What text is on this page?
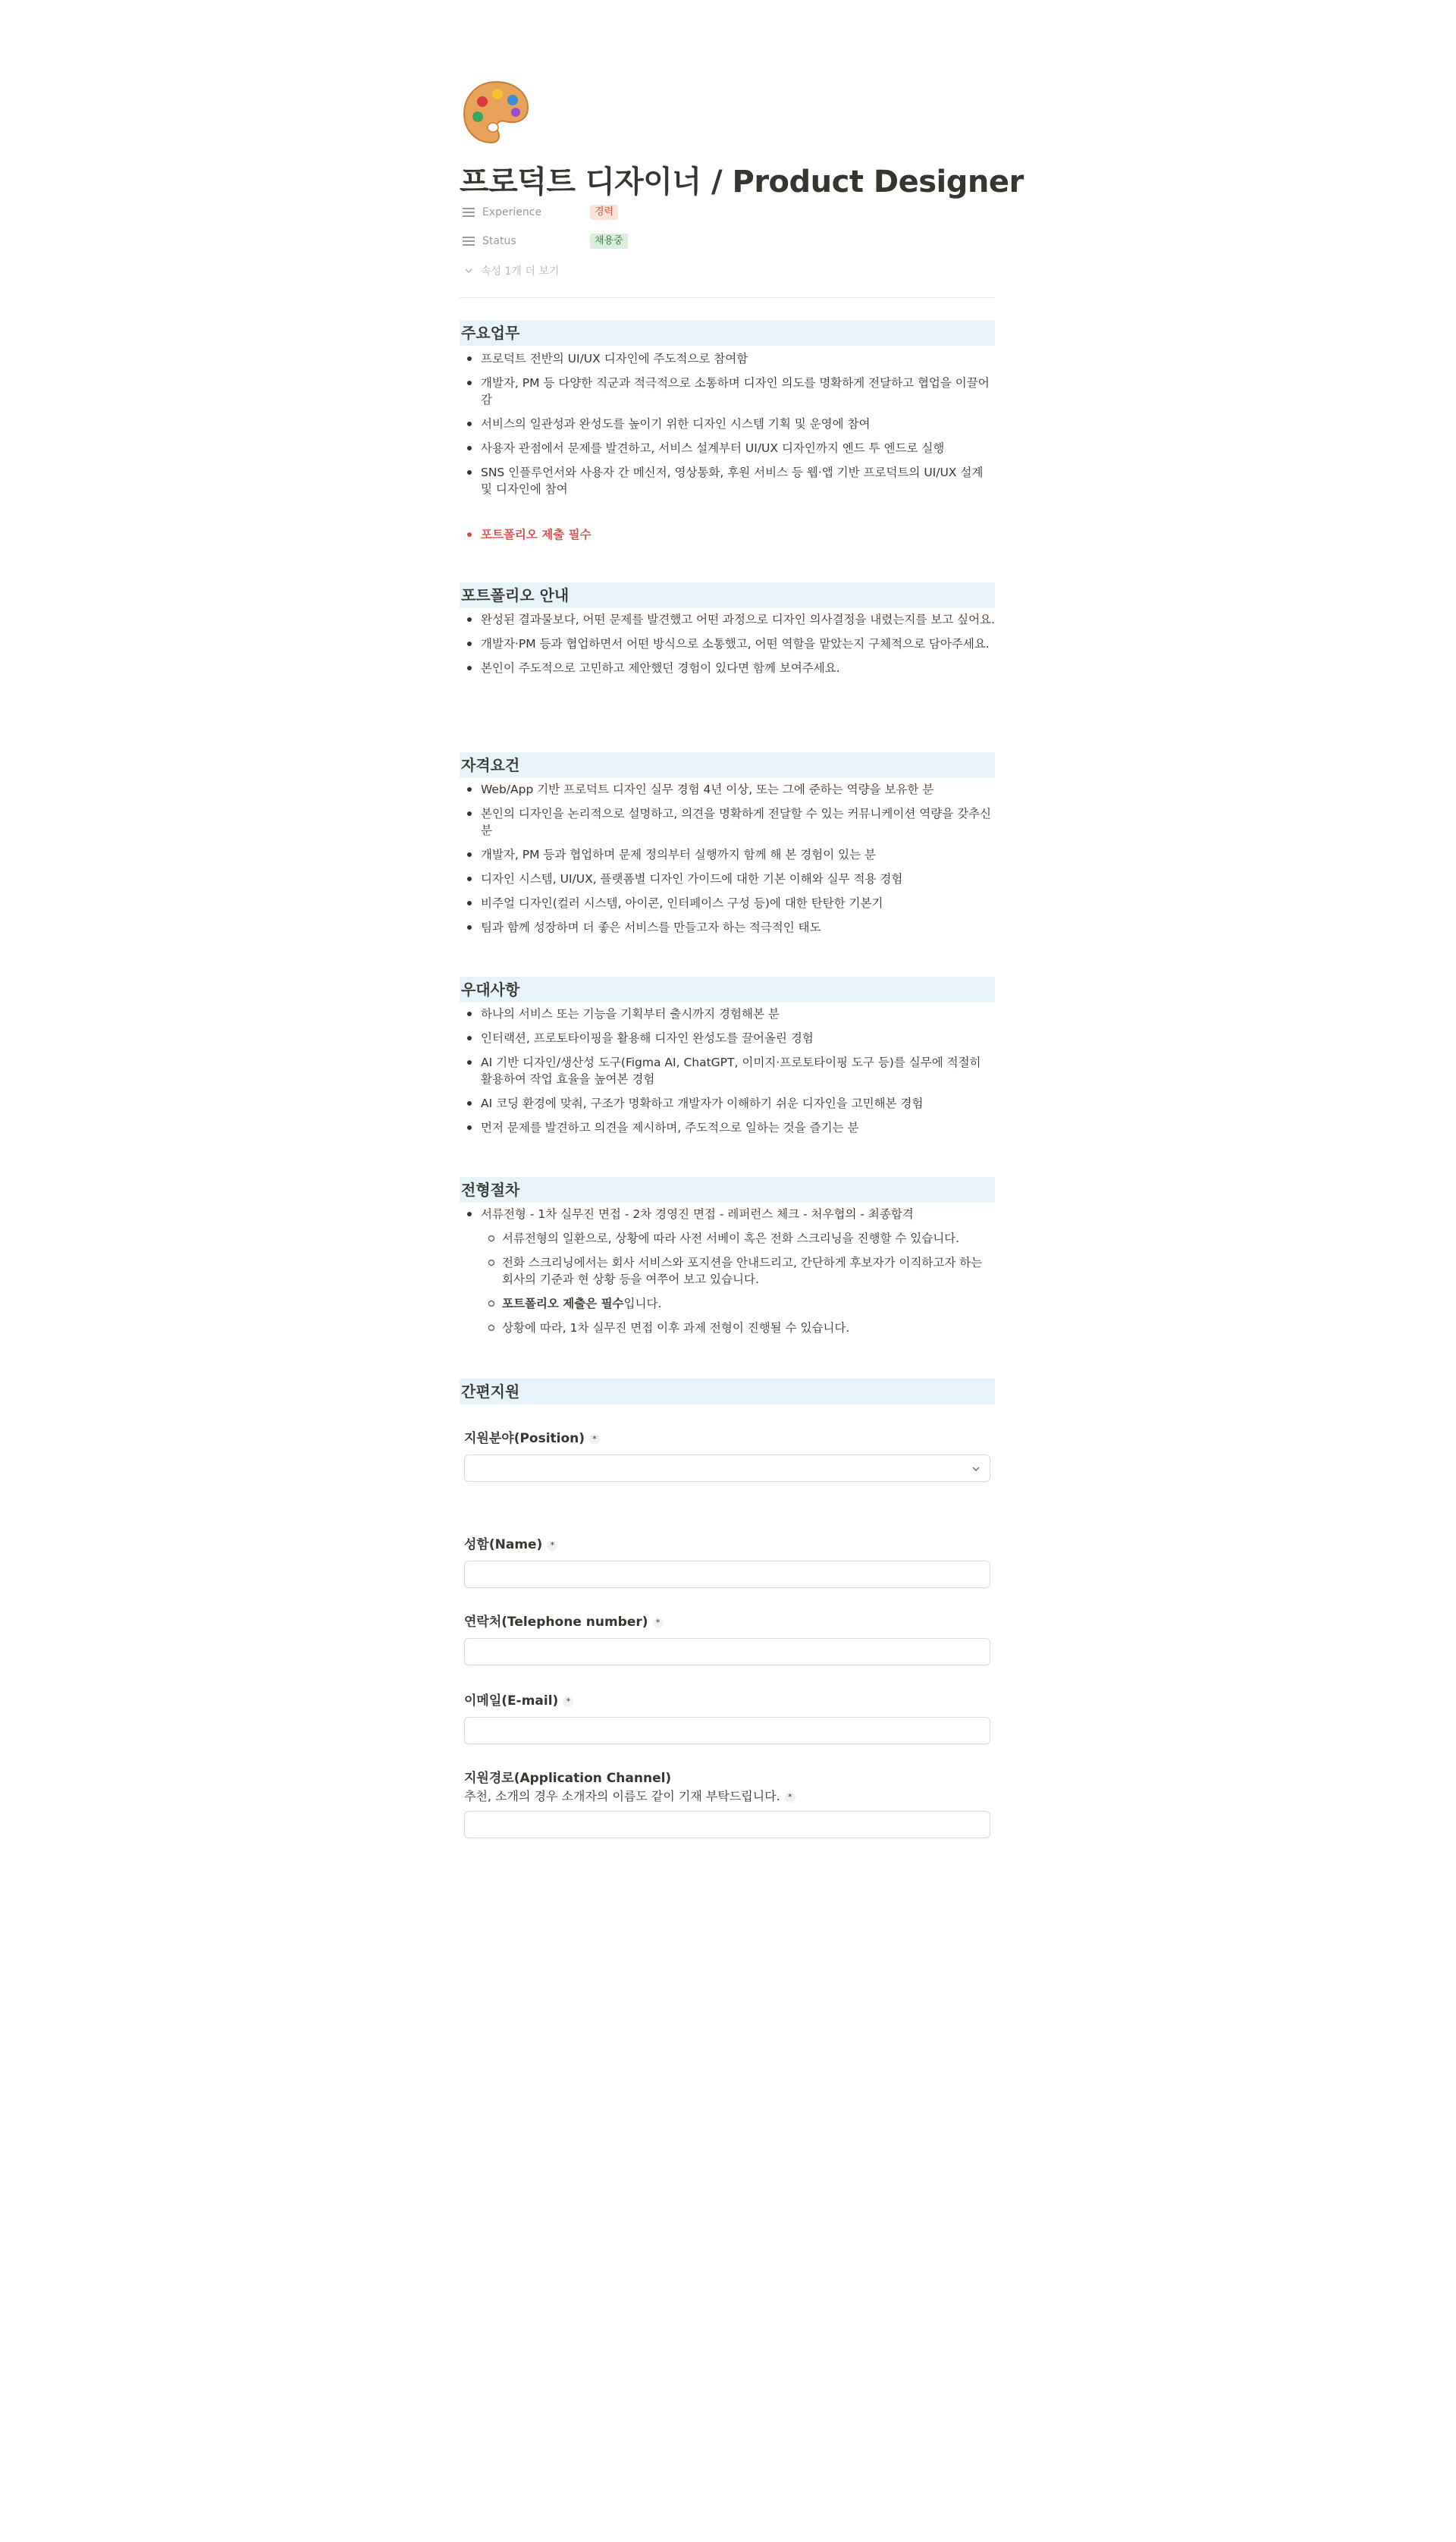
프로덕트 디자이너 / Product Designer
Experience	경력
Status	채용중
속성 1개 더 보기
주요업무
프로덕트 전반의 UI/UX 디자인에 주도적으로 참여함
개발자, PM 등 다양한 직군과 적극적으로 소통하며 디자인 의도를 명확하게 전달하고 협업을 이끌어감
서비스의 일관성과 완성도를 높이기 위한 디자인 시스템 기획 및 운영에 참여
사용자 관점에서 문제를 발견하고, 서비스 설계부터 UI/UX 디자인까지 엔드 투 엔드로 실행
SNS 인플루언서와 사용자 간 메신저, 영상통화, 후원 서비스 등 웹·앱 기반 프로덕트의 UI/UX 설계 및 디자인에 참여
포트폴리오 제출 필수
포트폴리오 안내
완성된 결과물보다, 어떤 문제를 발견했고 어떤 과정으로 디자인 의사결정을 내렸는지를 보고 싶어요.
개발자·PM 등과 협업하면서 어떤 방식으로 소통했고, 어떤 역할을 맡았는지 구체적으로 담아주세요.
본인이 주도적으로 고민하고 제안했던 경험이 있다면 함께 보여주세요.
자격요건
Web/App 기반 프로덕트 디자인 실무 경험 4년 이상, 또는 그에 준하는 역량을 보유한 분
본인의 디자인을 논리적으로 설명하고, 의견을 명확하게 전달할 수 있는 커뮤니케이션 역량을 갖추신 분
개발자, PM 등과 협업하며 문제 정의부터 실행까지 함께 해 본 경험이 있는 분
디자인 시스템, UI/UX, 플랫폼별 디자인 가이드에 대한 기본 이해와 실무 적용 경험
비주얼 디자인(컬러 시스템, 아이콘, 인터페이스 구성 등)에 대한 탄탄한 기본기
팀과 함께 성장하며 더 좋은 서비스를 만들고자 하는 적극적인 태도
우대사항
하나의 서비스 또는 기능을 기획부터 출시까지 경험해본 분
인터랙션, 프로토타이핑을 활용해 디자인 완성도를 끌어올린 경험
AI 기반 디자인/생산성 도구(Figma AI, ChatGPT, 이미지·프로토타이핑 도구 등)를 실무에 적절히 활용하여 작업 효율을 높여본 경험
AI 코딩 환경에 맞춰, 구조가 명확하고 개발자가 이해하기 쉬운 디자인을 고민해본 경험
먼저 문제를 발견하고 의견을 제시하며, 주도적으로 일하는 것을 즐기는 분
전형절차
서류전형 - 1차 실무진 면접 - 2차 경영진 면접 - 레퍼런스 체크 - 처우협의 - 최종합격
서류전형의 일환으로, 상황에 따라 사전 서베이 혹은 전화 스크리닝을 진행할 수 있습니다.
전화 스크리닝에서는 회사 서비스와 포지션을 안내드리고, 간단하게 후보자가 이직하고자 하는 회사의 기준과 현 상황 등을 여쭈어 보고 있습니다.
포트폴리오 제출은 필수입니다.
상황에 따라, 1차 실무진 면접 이후 과제 전형이 진행될 수 있습니다.
간편지원
지원분야(Position) *
성함(Name) *
연락처(Telephone number) *
이메일(E-mail) *
지원경로(Application Channel)
추천, 소개의 경우 소개자의 이름도 같이 기재 부탁드립니다. *
